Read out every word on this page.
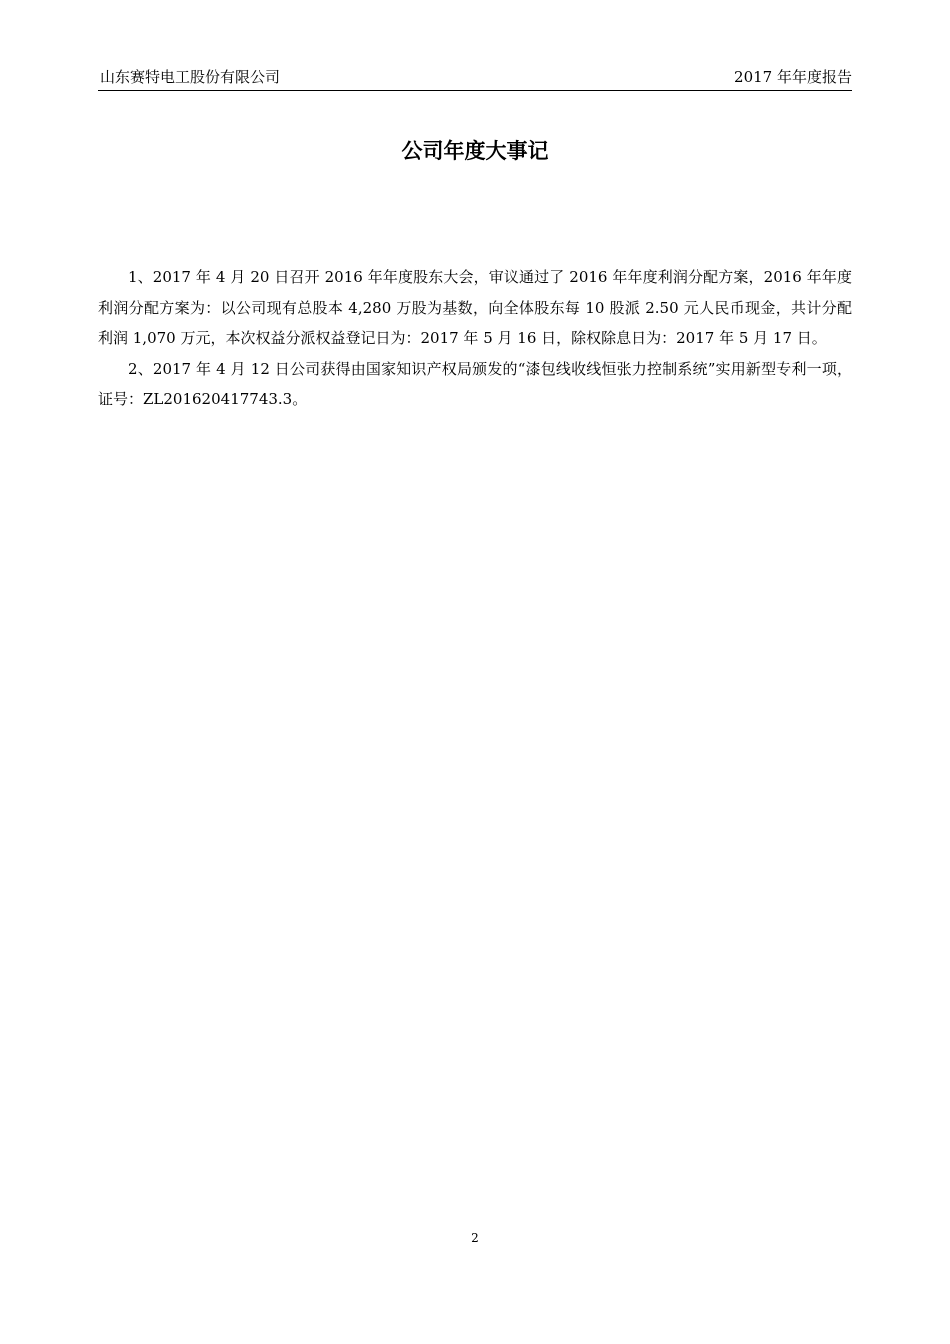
山东赛特电工股份有限公司	2017 年年度报告
公司年度大事记

1、2017 年 4 月 20 日召开 2016 年年度股东大会，审议通过了 2016 年年度利润分配方案，2016 年年度利润分配方案为：以公司现有总股本 4,280 万股为基数，向全体股东每 10 股派 2.50 元人民币现金，共计分配利润 1,070 万元，本次权益分派权益登记日为：2017 年 5 月 16 日，除权除息日为：2017 年 5 月 17 日。

2、2017 年 4 月 12 日公司获得由国家知识产权局颁发的“漆包线收线恒张力控制系统”实用新型专利一项，证号：ZL201620417743.3。

2
